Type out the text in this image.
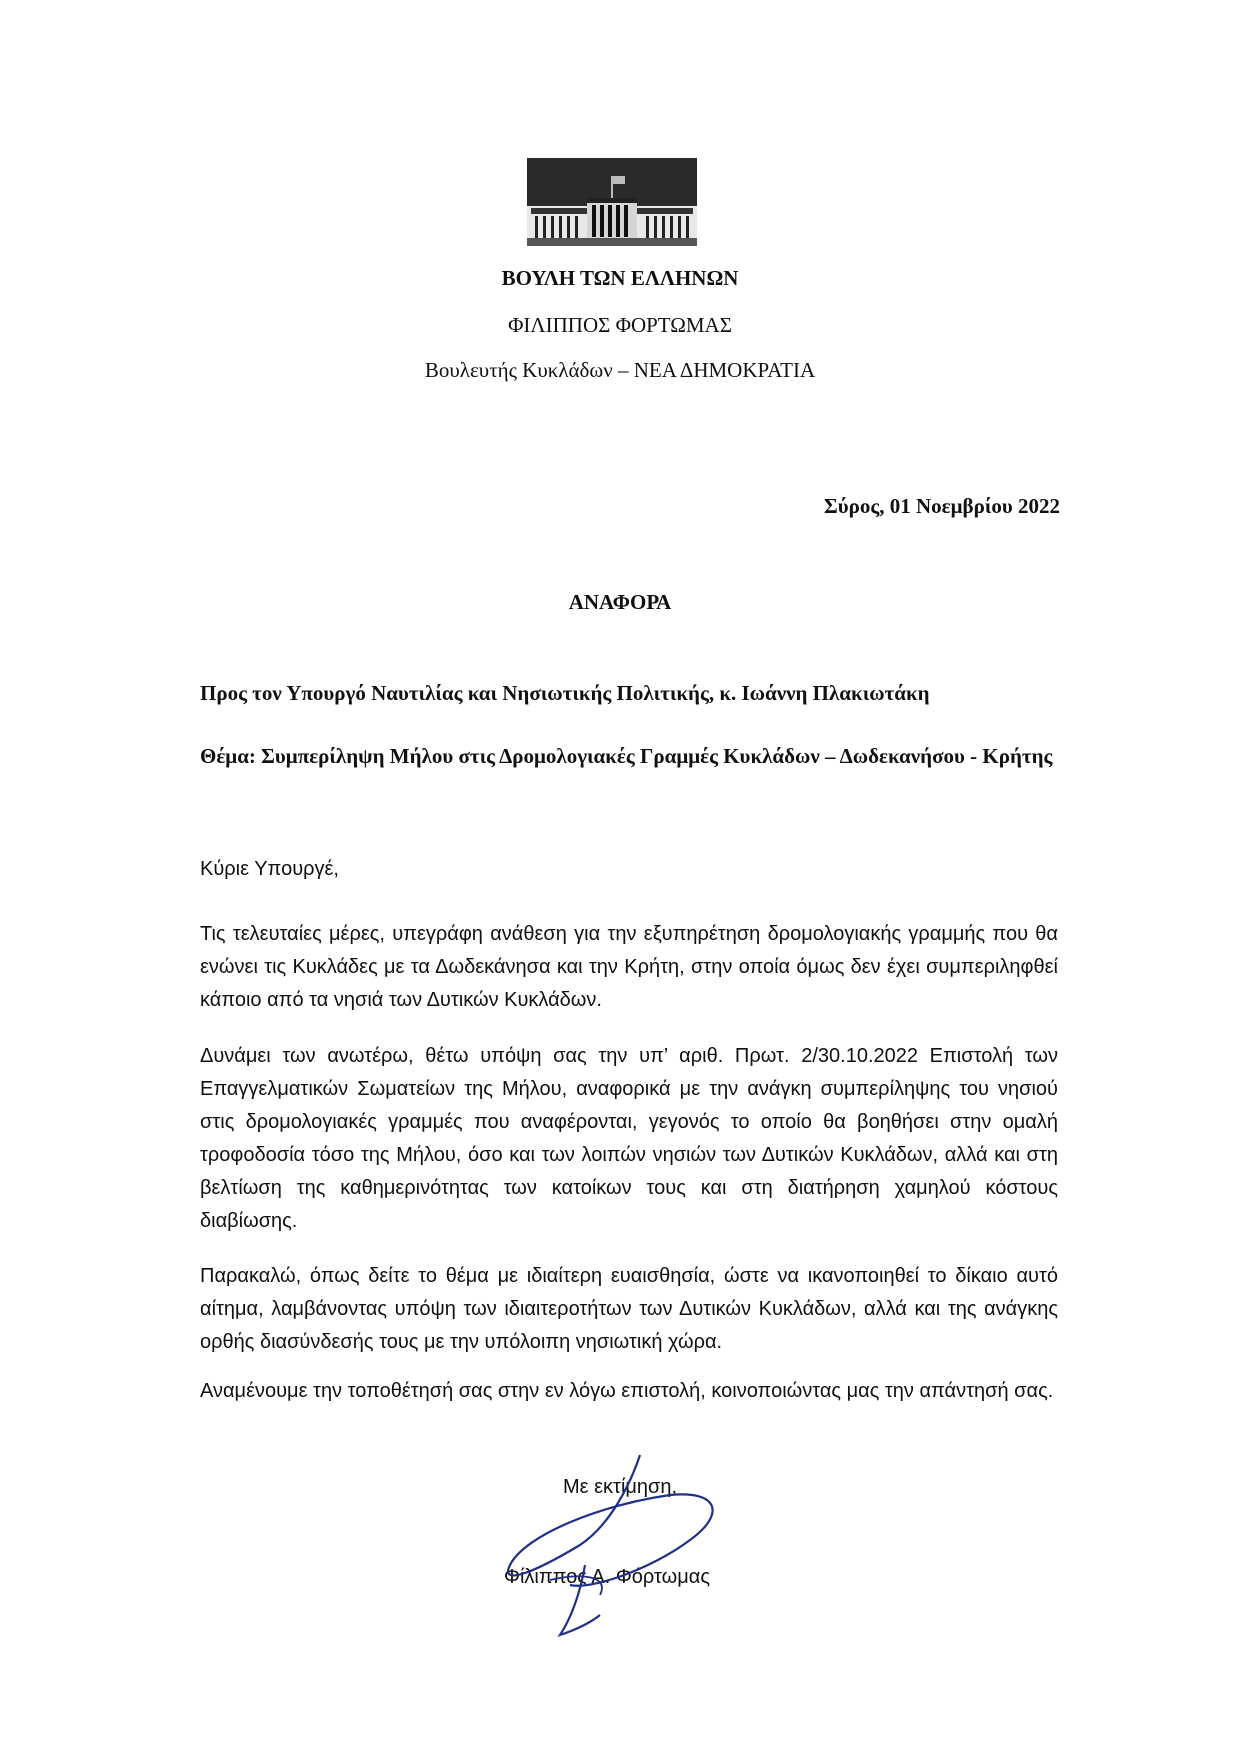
ΒΟΥΛΗ ΤΩΝ ΕΛΛΗΝΩΝ
ΦΙΛΙΠΠΟΣ ΦΟΡΤΩΜΑΣ
Βουλευτής Κυκλάδων – ΝΕΑ ΔΗΜΟΚΡΑΤΙΑ
Σύρος, 01 Νοεμβρίου 2022
ΑΝΑΦΟΡΑ
Προς τον Υπουργό Ναυτιλίας και Νησιωτικής Πολιτικής, κ. Ιωάννη Πλακιωτάκη
Θέμα: Συμπερίληψη Μήλου στις Δρομολογιακές Γραμμές Κυκλάδων – Δωδεκανήσου - Κρήτης
Κύριε Υπουργέ,
Τις τελευταίες μέρες, υπεγράφη ανάθεση για την εξυπηρέτηση δρομολογιακής γραμμής που θα ενώνει τις Κυκλάδες με τα Δωδεκάνησα και την Κρήτη, στην οποία όμως δεν έχει συμπεριληφθεί κάποιο από τα νησιά των Δυτικών Κυκλάδων.
Δυνάμει των ανωτέρω, θέτω υπόψη σας την υπ’ αριθ. Πρωτ. 2/30.10.2022 Επιστολή των Επαγγελματικών Σωματείων της Μήλου, αναφορικά με την ανάγκη συμπερίληψης του νησιού στις δρομολογιακές γραμμές που αναφέρονται, γεγονός το οποίο θα βοηθήσει στην ομαλή τροφοδοσία τόσο της Μήλου, όσο και των λοιπών νησιών των Δυτικών Κυκλάδων, αλλά και στη βελτίωση της καθημερινότητας των κατοίκων τους και στη διατήρηση χαμηλού κόστους διαβίωσης.
Παρακαλώ, όπως δείτε το θέμα με ιδιαίτερη ευαισθησία, ώστε να ικανοποιηθεί το δίκαιο αυτό αίτημα, λαμβάνοντας υπόψη των ιδιαιτεροτήτων των Δυτικών Κυκλάδων, αλλά και της ανάγκης ορθής διασύνδεσής τους με την υπόλοιπη νησιωτική χώρα.
Αναμένουμε την τοποθέτησή σας στην εν λόγω επιστολή, κοινοποιώντας μας την απάντησή σας.
Με εκτίμηση,
Φίλιππος Α. Φόρτωμας
